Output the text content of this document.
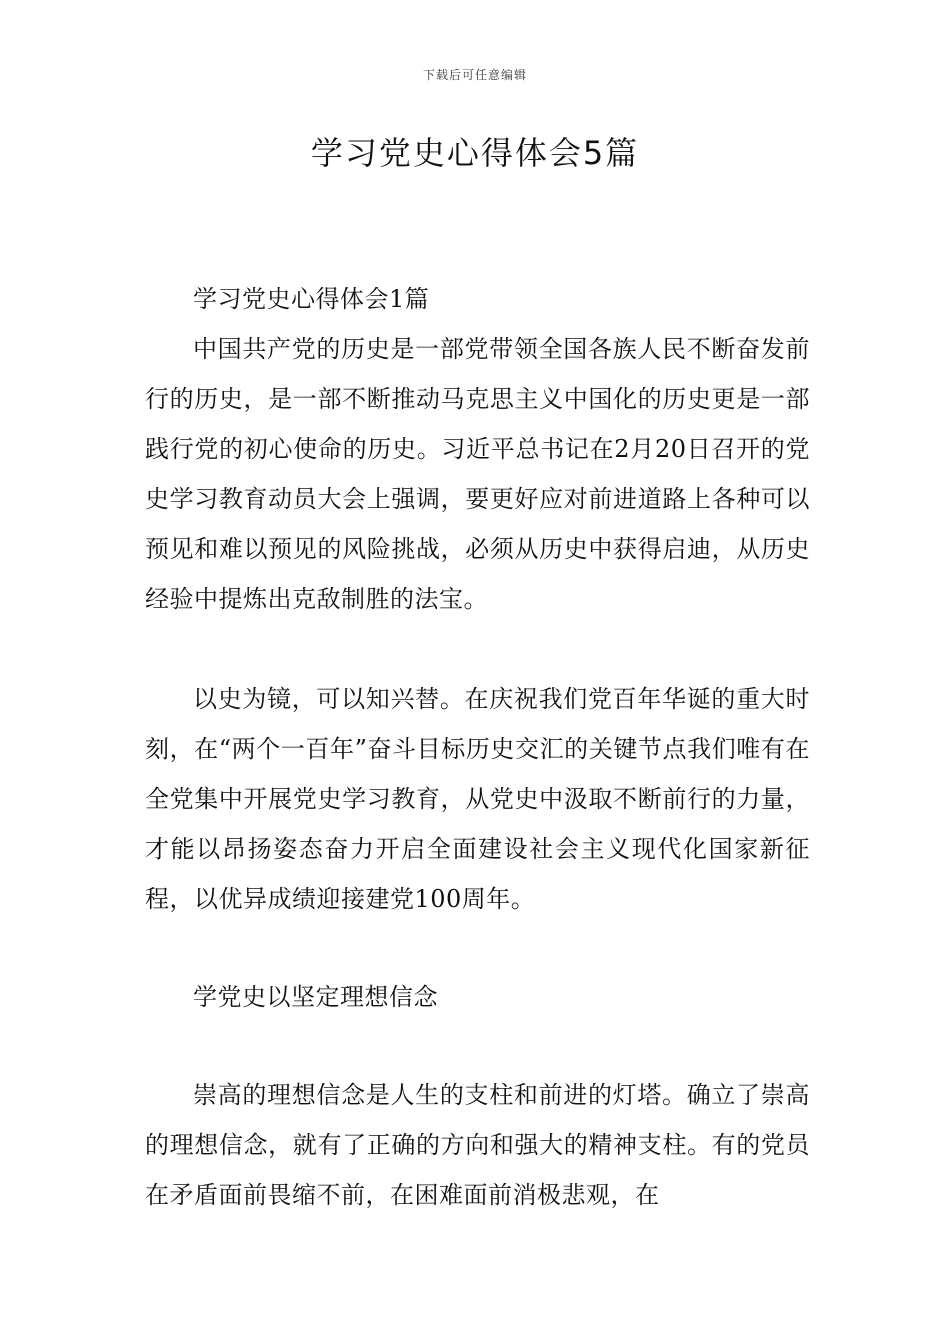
下载后可任意编辑
学习党史心得体会5篇

学习党史心得体会1篇

中国共产党的历史是一部党带领全国各族人民不断奋发前行的历史，是一部不断推动马克思主义中国化的历史更是一部践行党的初心使命的历史。习近平总书记在2月20日召开的党史学习教育动员大会上强调，要更好应对前进道路上各种可以预见和难以预见的风险挑战，必须从历史中获得启迪，从历史经验中提炼出克敌制胜的法宝。

以史为镜，可以知兴替。在庆祝我们党百年华诞的重大时刻，在“两个一百年”奋斗目标历史交汇的关键节点我们唯有在全党集中开展党史学习教育，从党史中汲取不断前行的力量，才能以昂扬姿态奋力开启全面建设社会主义现代化国家新征程，以优异成绩迎接建党100周年。

学党史以坚定理想信念

崇高的理想信念是人生的支柱和前进的灯塔。确立了崇高的理想信念，就有了正确的方向和强大的精神支柱。有的党员在矛盾面前畏缩不前，在困难面前消极悲观，在
